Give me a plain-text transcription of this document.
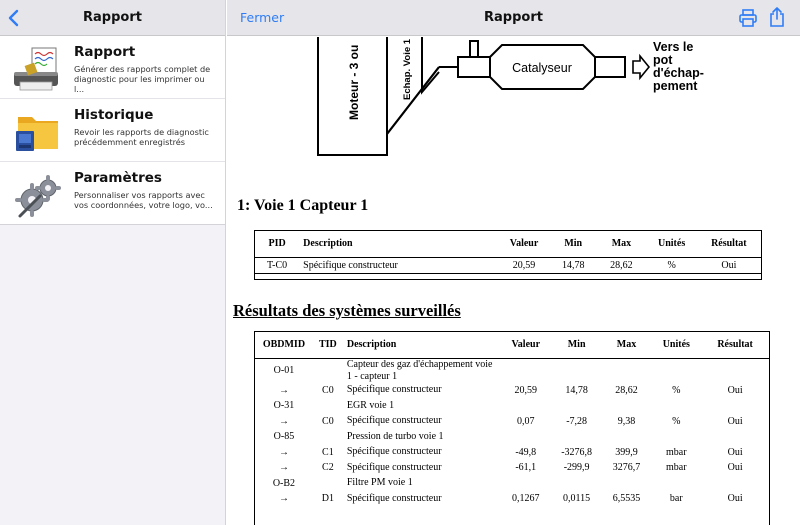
Rapport
Rapport
Générer des rapports complet de diagnostic pour les imprimer ou l...
Historique
Revoir les rapports de diagnostic précédemment enregistrés
Paramètres
Personnaliser vos rapports avec vos coordonnées, votre logo, vo...
Fermer	Rapport
Moteur - 3 ou	Echap. Voie 1	Catalyseur
Vers le
pot
d'échap-
pement
1: Voie 1 Capteur 1
PID	Description	Valeur	Min	Max	Unités	Résultat
T-C0	Spécifique constructeur	20,59	14,78	28,62	%	Oui
Résultats des systèmes surveillés
OBDMID	TID	Description	Valeur	Min	Max	Unités	Résultat
O-01		Capteur des gaz d'échappement voie 1 - capteur 1					
→	C0	Spécifique constructeur	20,59	14,78	28,62	%	Oui
O-31		EGR voie 1					
→	C0	Spécifique constructeur	0,07	-7,28	9,38	%	Oui
O-85		Pression de turbo voie 1					
→	C1	Spécifique constructeur	-49,8	-3276,8	399,9	mbar	Oui
→	C2	Spécifique constructeur	-61,1	-299,9	3276,7	mbar	Oui
O-B2		Filtre PM voie 1					
→	D1	Spécifique constructeur	0,1267	0,0115	6,5535	bar	Oui
